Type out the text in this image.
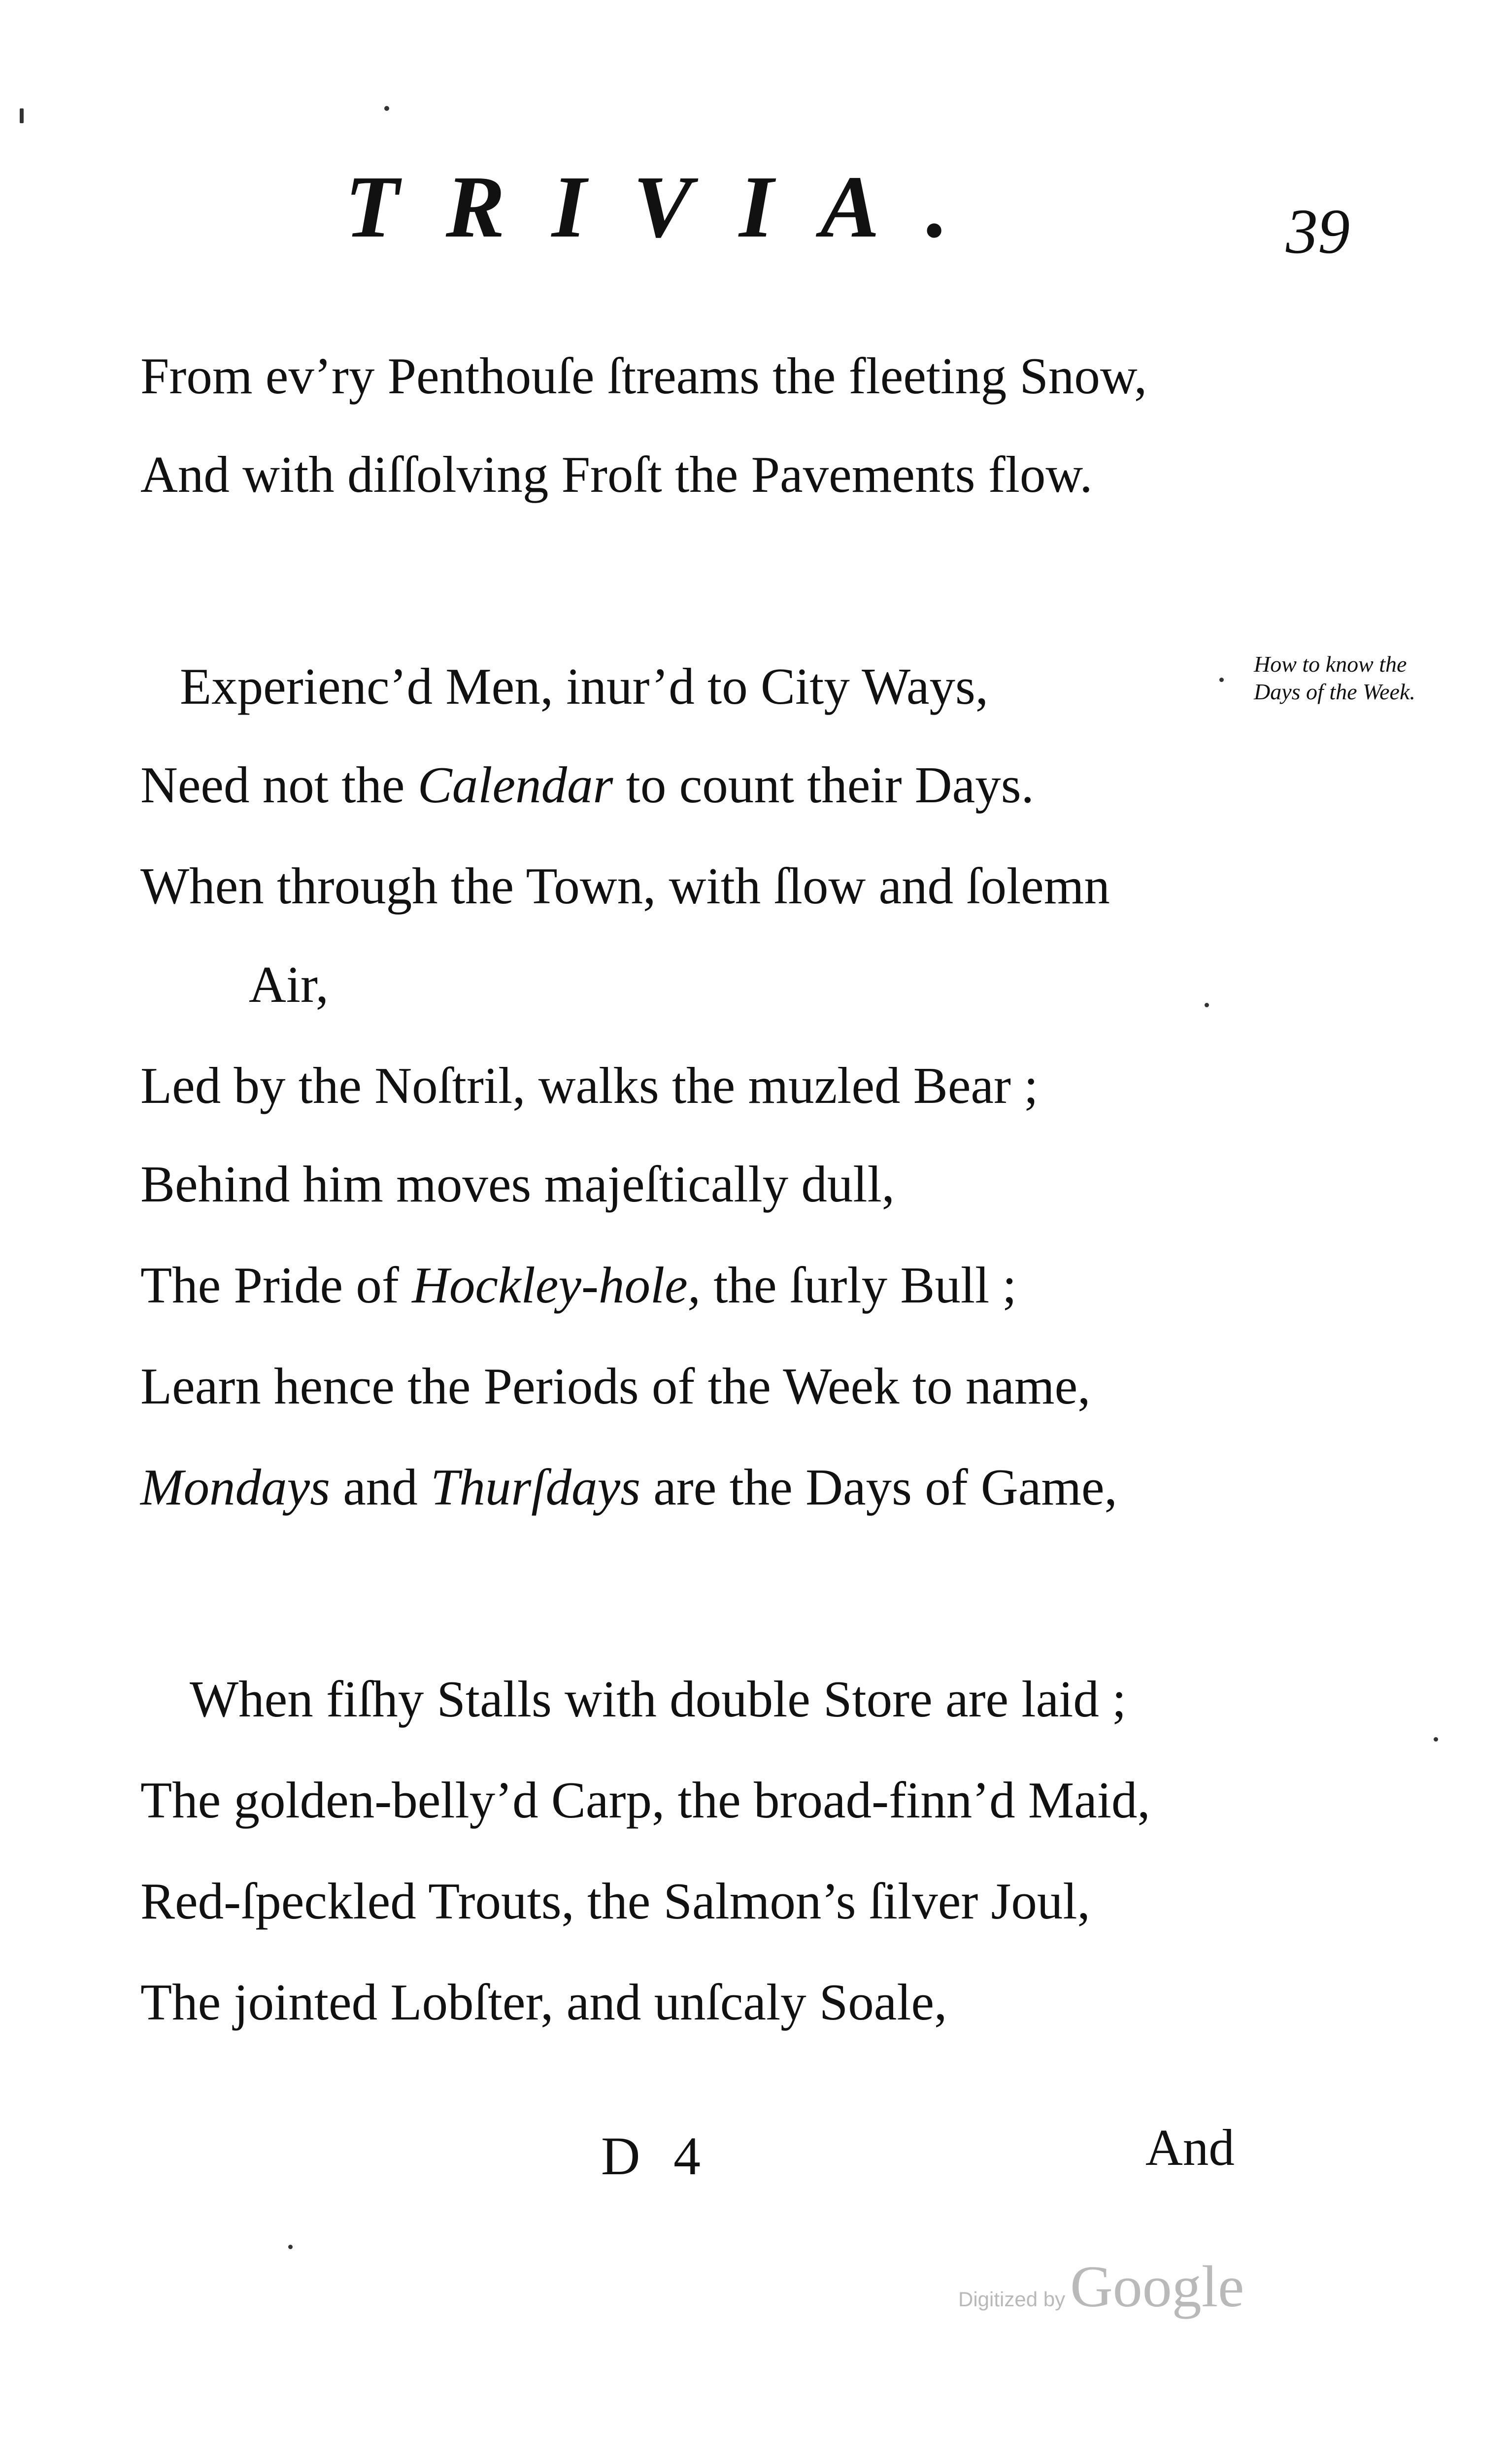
TRIVIA.	39
From ev’ry Penthouſe ſtreams the fleeting Snow,
And with diſſolving Froſt the Pavements flow.
Experienc’d Men, inur’d to City Ways,
Need not the Calendar to count their Days.
When through the Town, with ſlow and ſolemn
Air,
Led by the Noſtril, walks the muzled Bear ;
Behind him moves majeſtically dull,
The Pride of Hockley-hole, the ſurly Bull ;
Learn hence the Periods of the Week to name,
Mondays and Thurſdays are the Days of Game,
When fiſhy Stalls with double Store are laid ;
The golden-belly’d Carp, the broad-finn’d Maid,
Red-ſpeckled Trouts, the Salmon’s ſilver Joul,
The jointed Lobſter, and unſcaly Soale,
How to know the Days of the Week.
D 4	And
Digitized byGoogle
